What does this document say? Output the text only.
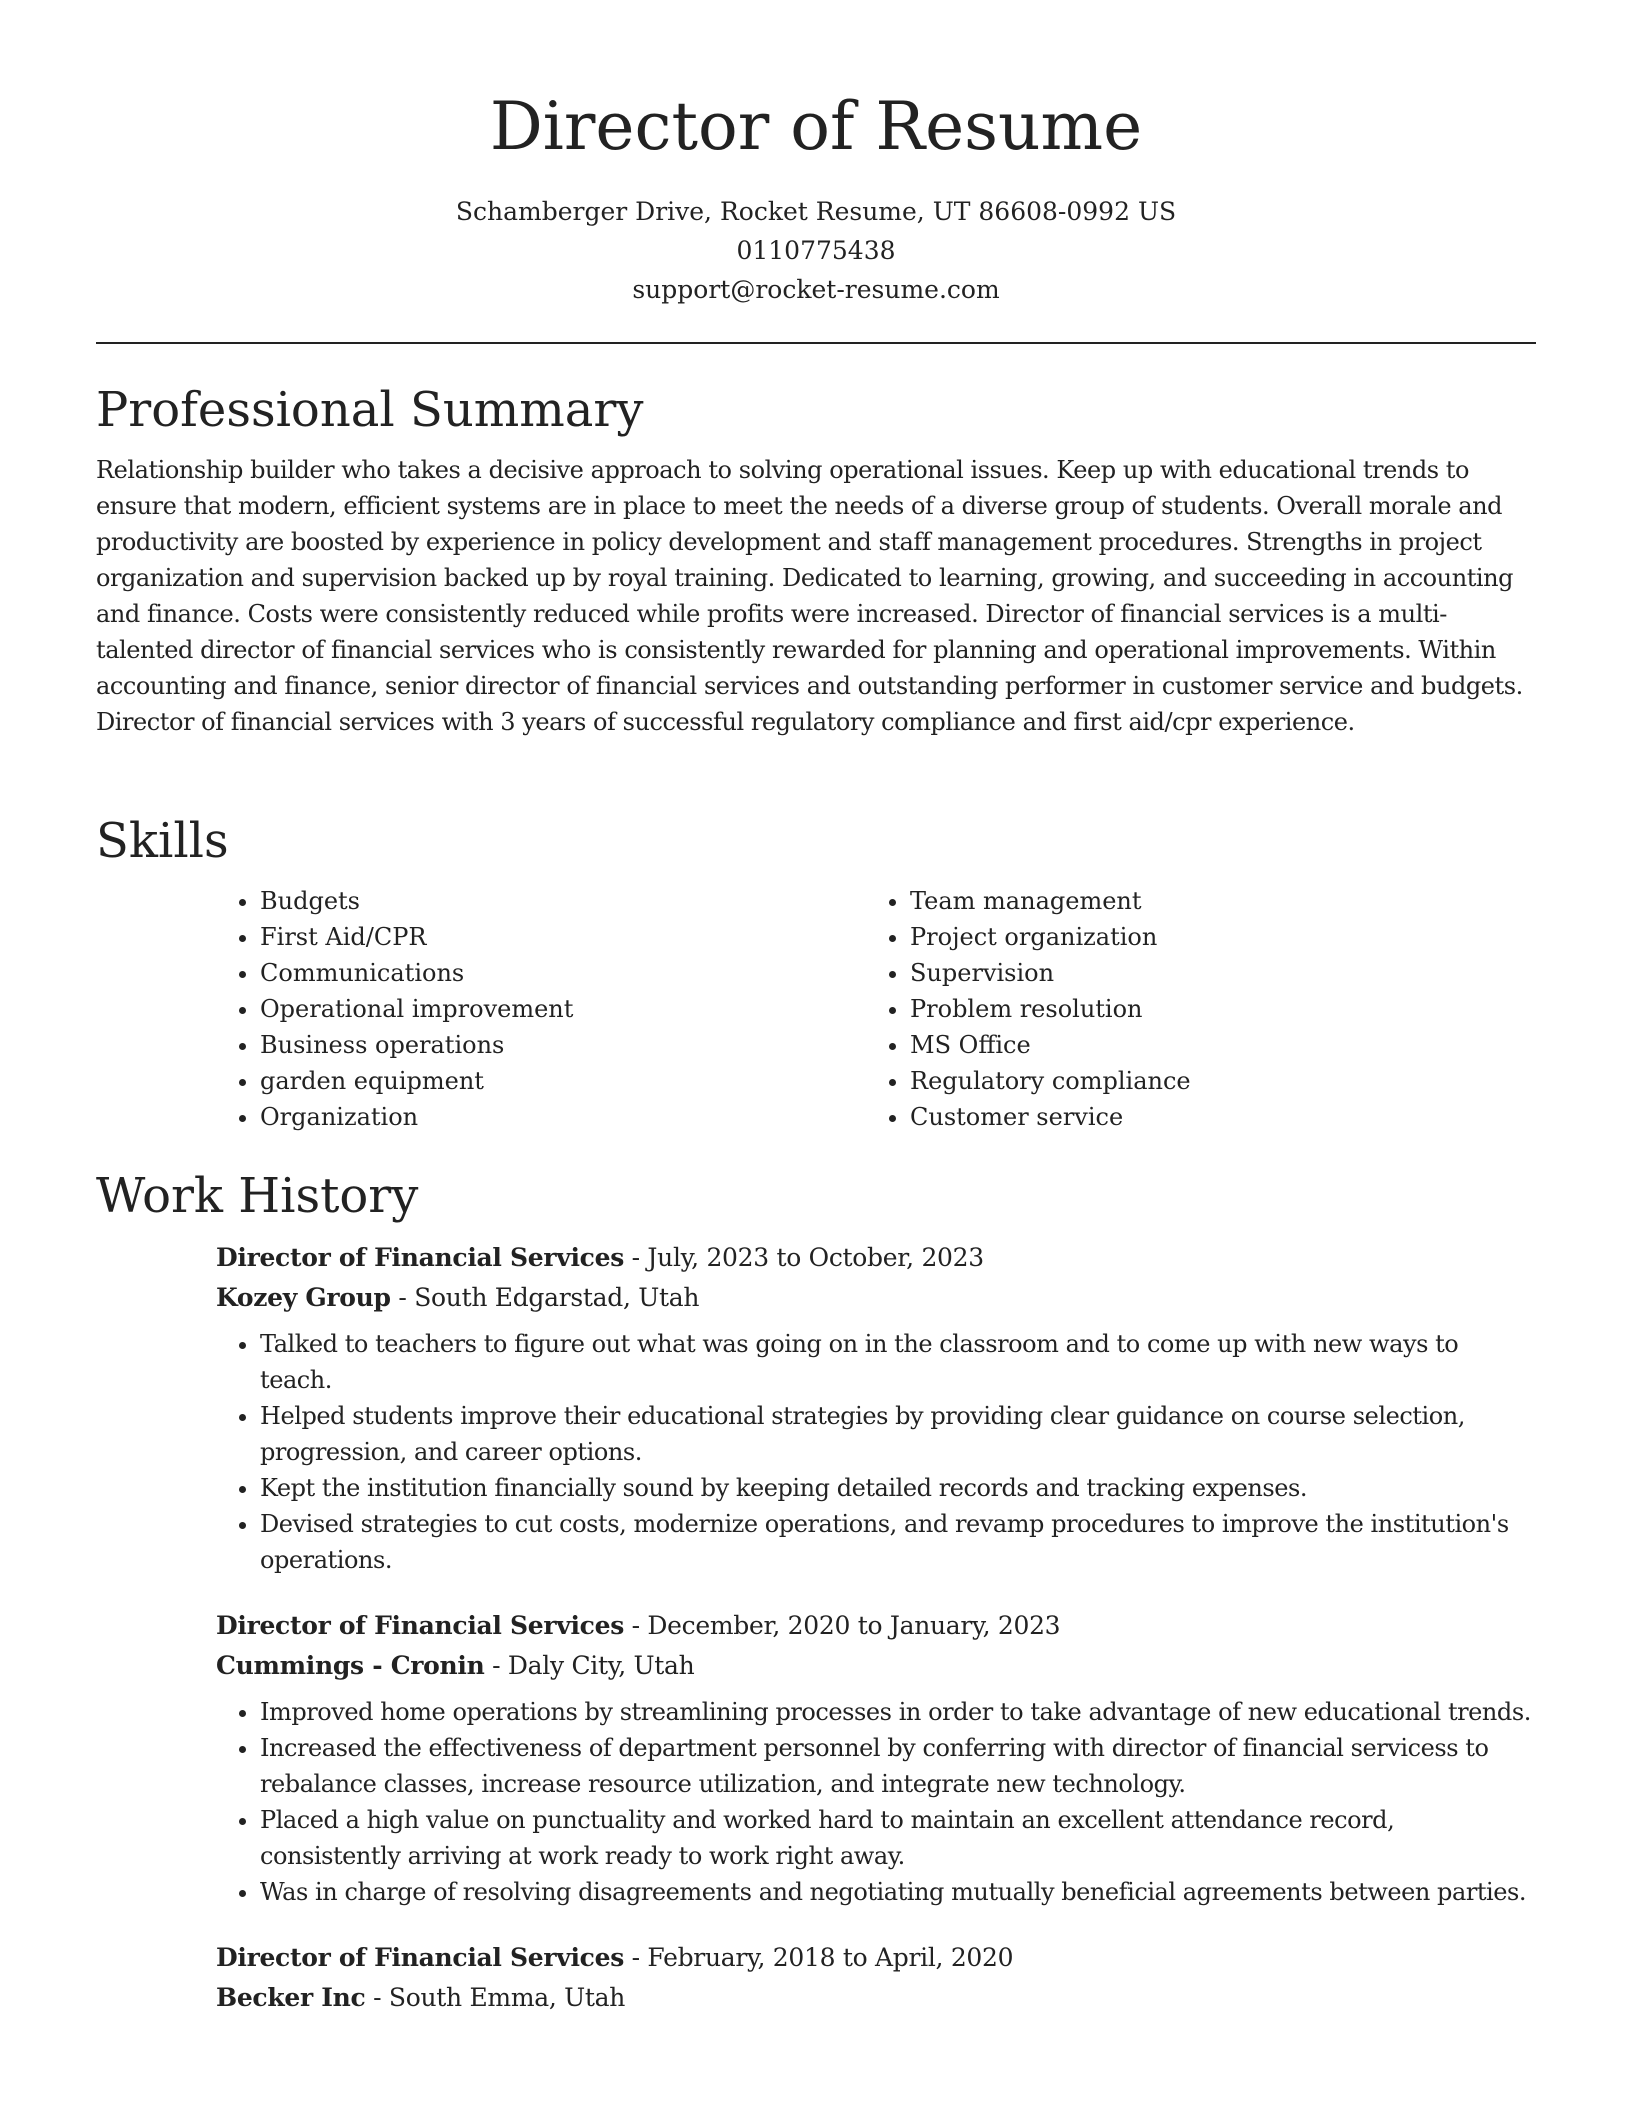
Director of Resume

Schamberger Drive, Rocket Resume, UT 86608-0992 US

0110775438

support@rocket-resume.com

Professional Summary

Relationship builder who takes a decisive approach to solving operational issues. Keep up with educational trends to ensure that modern, efficient systems are in place to meet the needs of a diverse group of students. Overall morale and productivity are boosted by experience in policy development and staff management procedures. Strengths in project organization and supervision backed up by royal training. Dedicated to learning, growing, and succeeding in accounting and finance. Costs were consistently reduced while profits were increased. Director of financial services is a multi-talented director of financial services who is consistently rewarded for planning and operational improvements. Within accounting and finance, senior director of financial services and outstanding performer in customer service and budgets. Director of financial services with 3 years of successful regulatory compliance and first aid/cpr experience.

Skills
• Budgets
• First Aid/CPR
• Communications
• Operational improvement
• Business operations
• garden equipment
• Organization
• Team management
• Project organization
• Supervision
• Problem resolution
• MS Office
• Regulatory compliance
• Customer service
Work History

Director of Financial Services - July, 2023 to October, 2023

Kozey Group - South Edgarstad, Utah

• Talked to teachers to figure out what was going on in the classroom and to come up with new ways to teach.
• Helped students improve their educational strategies by providing clear guidance on course selection, progression, and career options.
• Kept the institution financially sound by keeping detailed records and tracking expenses.
• Devised strategies to cut costs, modernize operations, and revamp procedures to improve the institution's operations.

Director of Financial Services - December, 2020 to January, 2023

Cummings - Cronin - Daly City, Utah

• Improved home operations by streamlining processes in order to take advantage of new educational trends.
• Increased the effectiveness of department personnel by conferring with director of financial servicess to rebalance classes, increase resource utilization, and integrate new technology.
• Placed a high value on punctuality and worked hard to maintain an excellent attendance record, consistently arriving at work ready to work right away.
• Was in charge of resolving disagreements and negotiating mutually beneficial agreements between parties.

Director of Financial Services - February, 2018 to April, 2020

Becker Inc - South Emma, Utah
